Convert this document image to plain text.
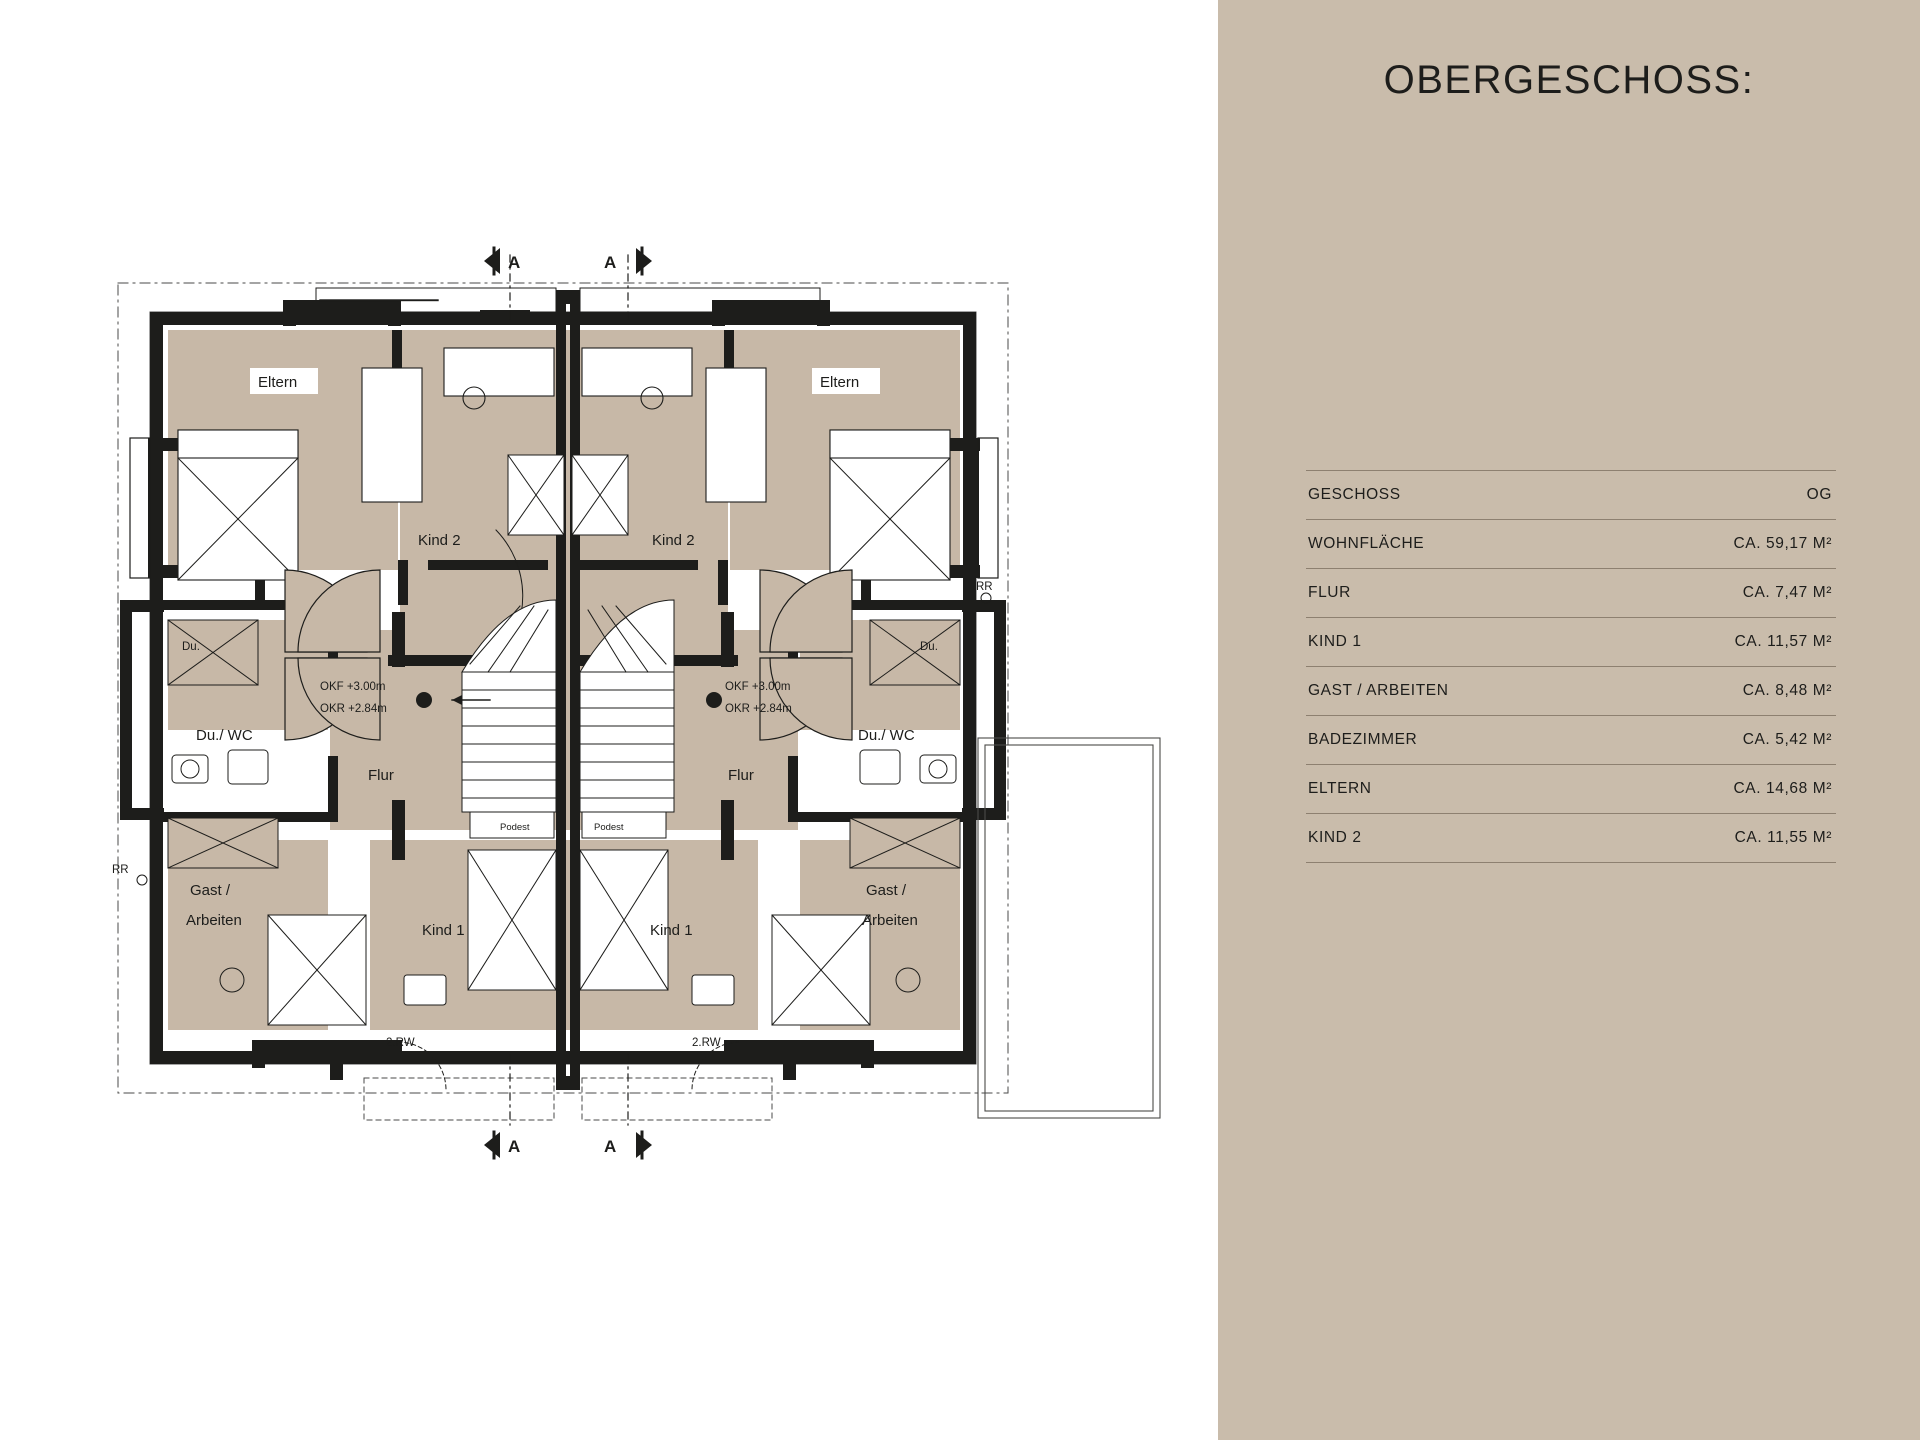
Eltern	Eltern
Kind 2	Kind 2
Kind 1	Kind 1
Flur	Flur
Du./ WC	Du./ WC
Du.	Du.
Gast /
Arbeiten
Gast /
Arbeiten
OKF +3.00m
OKR +2.84m
OKF +3.00m
OKR +2.84m
Podest	Podest
2.RW	2.RW
RR
RR
A	A
A	A
OBERGESCHOSS:
GESCHOSS	OG
WOHNFLÄCHE	CA. 59,17 M²
FLUR	CA. 7,47 M²
KIND 1	CA. 11,57 M²
GAST / ARBEITEN	CA. 8,48 M²
BADEZIMMER	CA. 5,42 M²
ELTERN	CA. 14,68 M²
KIND 2	CA. 11,55 M²
